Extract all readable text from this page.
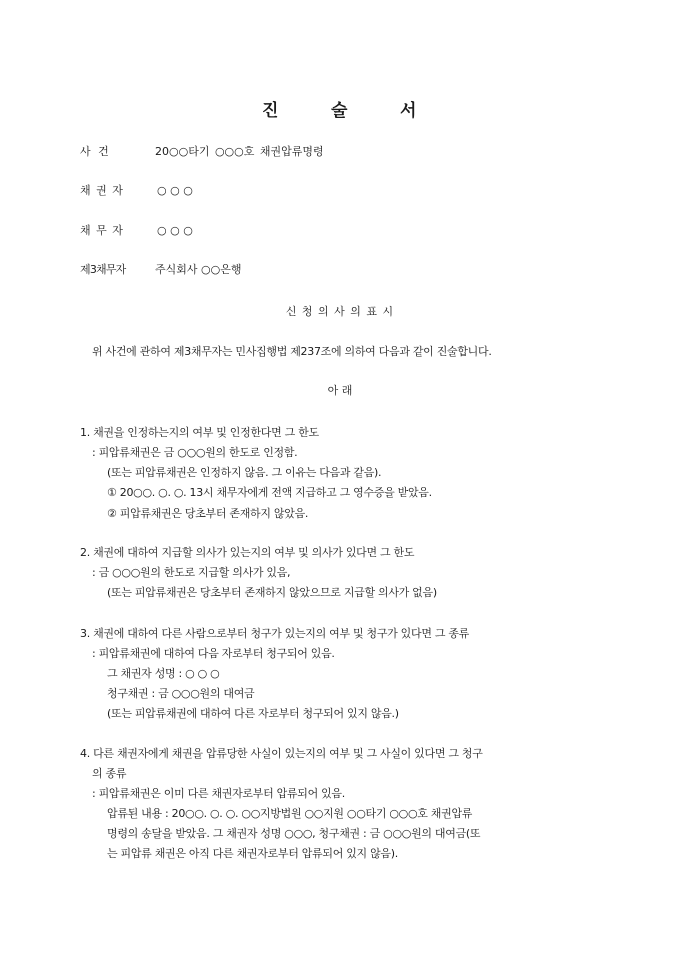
진	술	서
사 건	20○○타기 ○○○호 채권압류명령
채 권 자	○ ○ ○
채 무 자	○ ○ ○
제3채무자	주식회사 ○○은행
신 청 의 사 의 표 시
위 사건에 관하여 제3채무자는 민사집행법 제237조에 의하여 다음과 같이 진술합니다.
아 래
1. 채권을 인정하는지의 여부 및 인정한다면 그 한도
: 피압류채권은 금 ○○○원의 한도로 인정함.
(또는 피압류채권은 인정하지 않음. 그 이유는 다음과 같음).
① 20○○. ○. ○. 13시 채무자에게 전액 지급하고 그 영수증을 받았음.
② 피압류채권은 당초부터 존재하지 않았음.
2. 채권에 대하여 지급할 의사가 있는지의 여부 및 의사가 있다면 그 한도
: 금 ○○○원의 한도로 지급할 의사가 있음,
(또는 피압류채권은 당초부터 존재하지 않았으므로 지급할 의사가 없음)
3. 채권에 대하여 다른 사람으로부터 청구가 있는지의 여부 및 청구가 있다면 그 종류
: 피압류채권에 대하여 다음 자로부터 청구되어 있음.
그 채권자 성명 : ○ ○ ○
청구채권 : 금 ○○○원의 대여금
(또는 피압류채권에 대하여 다른 자로부터 청구되어 있지 않음.)
4. 다른 채권자에게 채권을 압류당한 사실이 있는지의 여부 및 그 사실이 있다면 그 청구
의 종류
: 피압류채권은 이미 다른 채권자로부터 압류되어 있음.
압류된 내용 : 20○○. ○. ○. ○○지방법원 ○○지원 ○○타기 ○○○호 채권압류
명령의 송달을 받았음. 그 채권자 성명 ○○○, 청구채권 : 금 ○○○원의 대여금(또
는 피압류 채권은 아직 다른 채권자로부터 압류되어 있지 않음).
